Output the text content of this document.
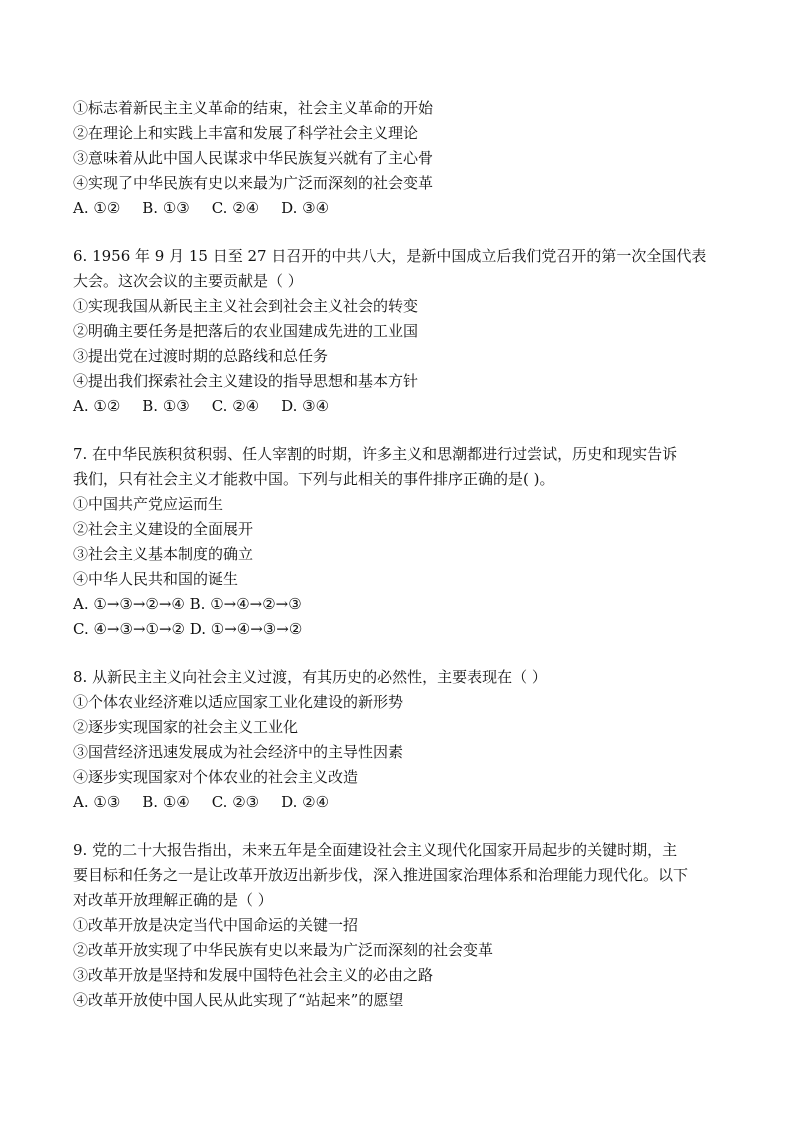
①标志着新民主主义革命的结束，社会主义革命的开始
②在理论上和实践上丰富和发展了科学社会主义理论
③意味着从此中国人民谋求中华民族复兴就有了主心骨
④实现了中华民族有史以来最为广泛而深刻的社会变革
A. ①② B. ①③ C. ②④ D. ③④
6. 1956 年 9 月 15 日至 27 日召开的中共八大，是新中国成立后我们党召开的第一次全国代表
大会。这次会议的主要贡献是（ ）
①实现我国从新民主主义社会到社会主义社会的转变
②明确主要任务是把落后的农业国建成先进的工业国
③提出党在过渡时期的总路线和总任务
④提出我们探索社会主义建设的指导思想和基本方针
A. ①② B. ①③ C. ②④ D. ③④
7. 在中华民族积贫积弱、任人宰割的时期，许多主义和思潮都进行过尝试，历史和现实告诉
我们，只有社会主义才能救中国。下列与此相关的事件排序正确的是( )。
①中国共产党应运而生
②社会主义建设的全面展开
③社会主义基本制度的确立
④中华人民共和国的诞生
A. ①→③→②→④ B. ①→④→②→③
C. ④→③→①→② D. ①→④→③→②
8. 从新民主主义向社会主义过渡，有其历史的必然性，主要表现在（ ）
①个体农业经济难以适应国家工业化建设的新形势
②逐步实现国家的社会主义工业化
③国营经济迅速发展成为社会经济中的主导性因素
④逐步实现国家对个体农业的社会主义改造
A. ①③ B. ①④ C. ②③ D. ②④
9. 党的二十大报告指出，未来五年是全面建设社会主义现代化国家开局起步的关键时期，主
要目标和任务之一是让改革开放迈出新步伐，深入推进国家治理体系和治理能力现代化。以下
对改革开放理解正确的是（ ）
①改革开放是决定当代中国命运的关键一招
②改革开放实现了中华民族有史以来最为广泛而深刻的社会变革
③改革开放是坚持和发展中国特色社会主义的必由之路
④改革开放使中国人民从此实现了“站起来”的愿望
